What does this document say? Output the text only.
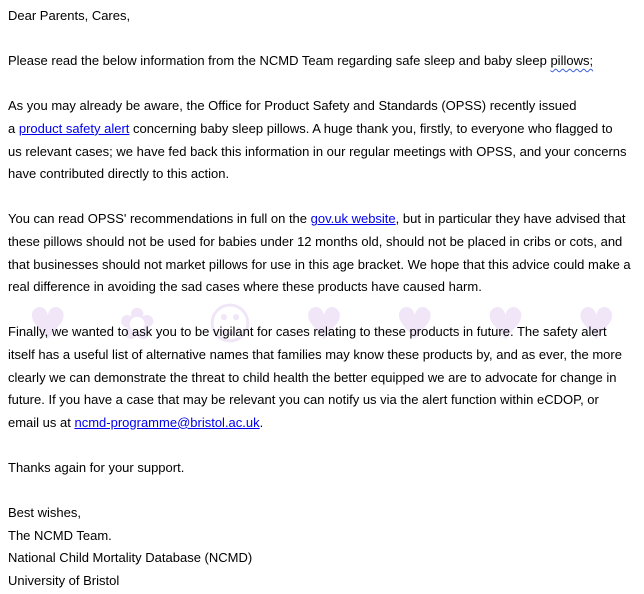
♥ ✿ ☺ ♥ ♥ ♥ ♥

Dear Parents, Cares,

Please read the below information from the NCMD Team regarding safe sleep and baby sleep pillows;

As you may already be aware, the Office for Product Safety and Standards (OPSS) recently issued

a product safety alert concerning baby sleep pillows. A huge thank you, firstly, to everyone who flagged to

us relevant cases; we have fed back this information in our regular meetings with OPSS, and your concerns

have contributed directly to this action.

You can read OPSS' recommendations in full on the gov.uk website, but in particular they have advised that

these pillows should not be used for babies under 12 months old, should not be placed in cribs or cots, and

that businesses should not market pillows for use in this age bracket. We hope that this advice could make a

real difference in avoiding the sad cases where these products have caused harm.

Finally, we wanted to ask you to be vigilant for cases relating to these products in future. The safety alert

itself has a useful list of alternative names that families may know these products by, and as ever, the more

clearly we can demonstrate the threat to child health the better equipped we are to advocate for change in

future. If you have a case that may be relevant you can notify us via the alert function within eCDOP, or

email us at ncmd-programme@bristol.ac.uk.

Thanks again for your support.

Best wishes,

The NCMD Team.

National Child Mortality Database (NCMD)

University of Bristol
